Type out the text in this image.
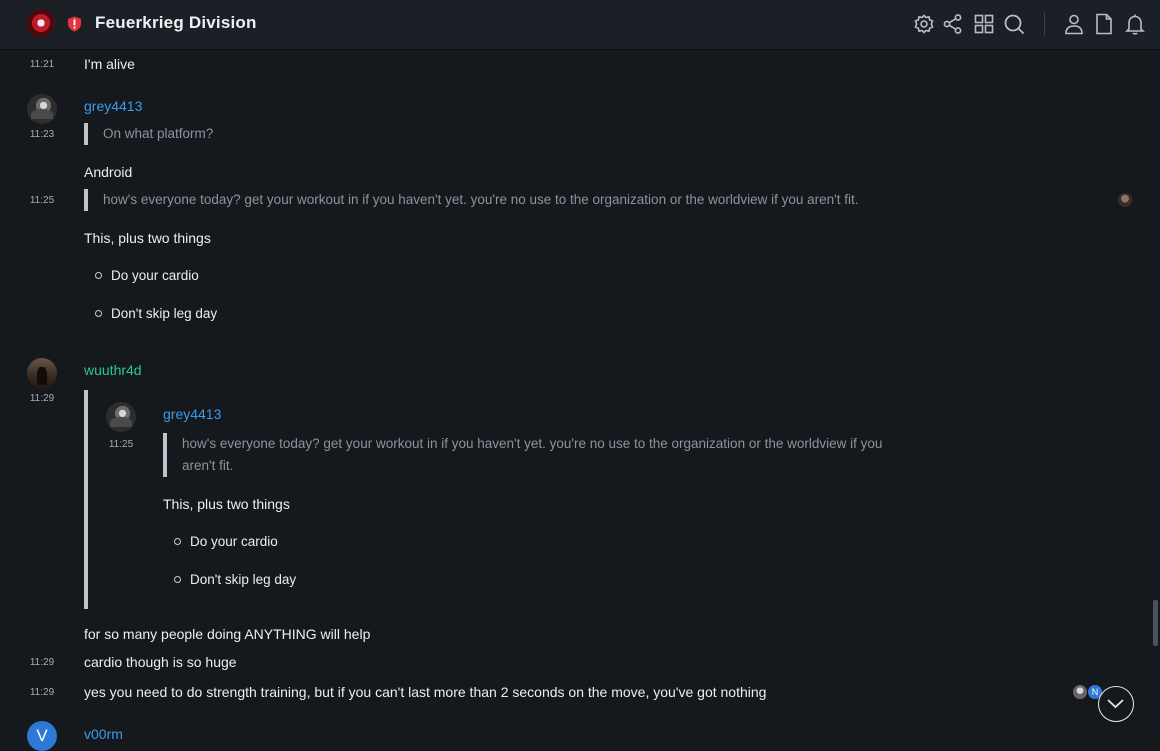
Feuerkrieg Division
11:21 I'm alive
grey4413
11:23	On what platform?
Android
11:25	how's everyone today? get your workout in if you haven't yet. you're no use to the organization or the worldview if you aren't fit.
This, plus two things
Do your cardio
Don't skip leg day
wuuthr4d
11:29
grey4413
11:25	how's everyone today? get your workout in if you haven't yet. you're no use to the organization or the worldview if you
aren't fit.
This, plus two things
Do your cardio
Don't skip leg day
for so many people doing ANYTHING will help
11:29 cardio though is so huge
11:29 yes you need to do strength training, but if you can't last more than 2 seconds on the move, you've got nothing	N
V	v00rm
